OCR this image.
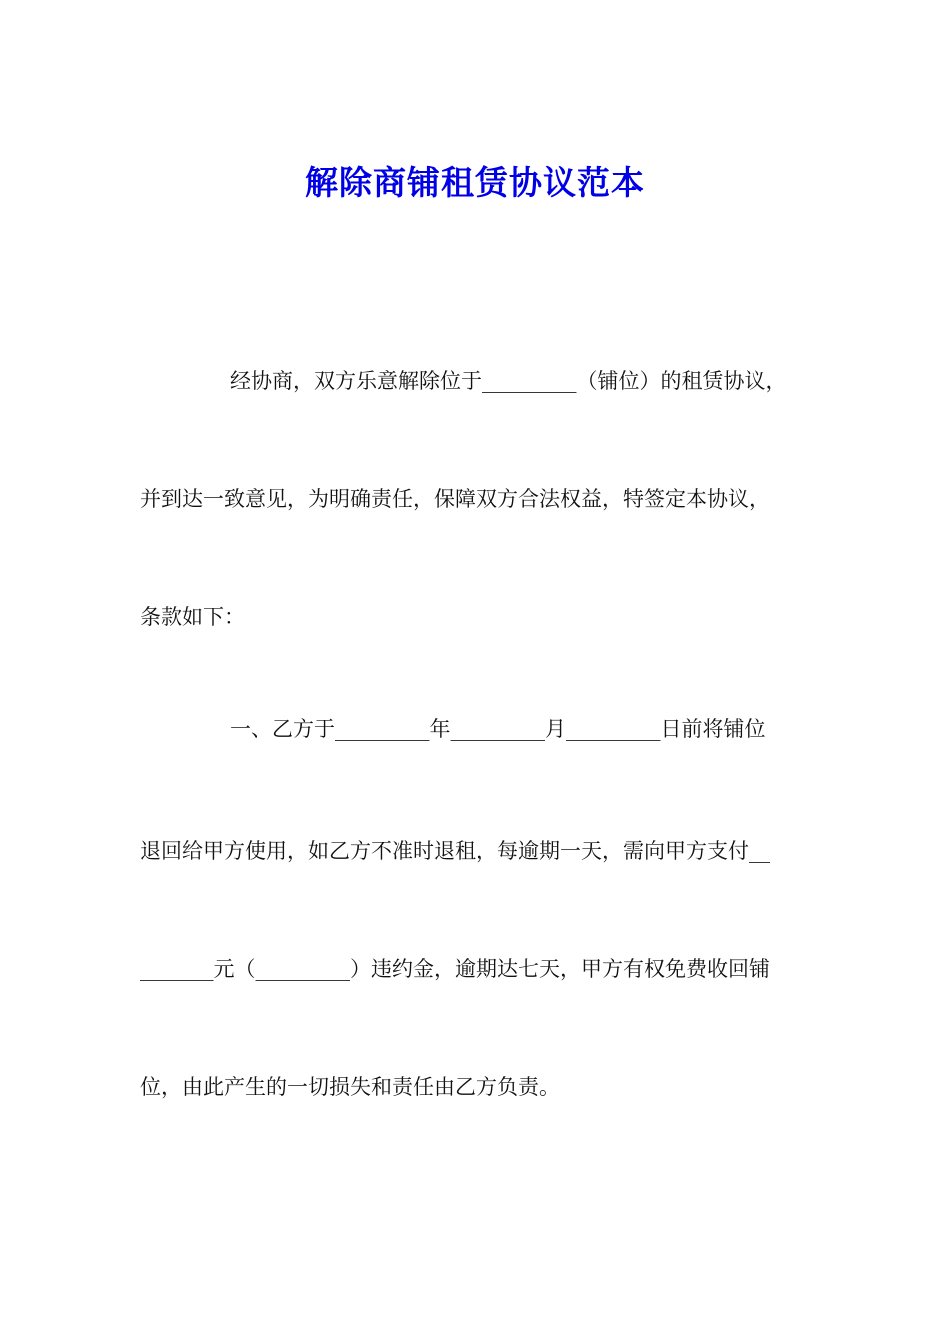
解除商铺租赁协议范本
经协商，双方乐意解除位于_________（铺位）的租赁协议，
并到达一致意见，为明确责任，保障双方合法权益，特签定本协议，
条款如下：
一、乙方于_________年_________月_________日前将铺位
退回给甲方使用，如乙方不准时退租，每逾期一天，需向甲方支付__
_______元（_________）违约金，逾期达七天，甲方有权免费收回铺
位，由此产生的一切损失和责任由乙方负责。
